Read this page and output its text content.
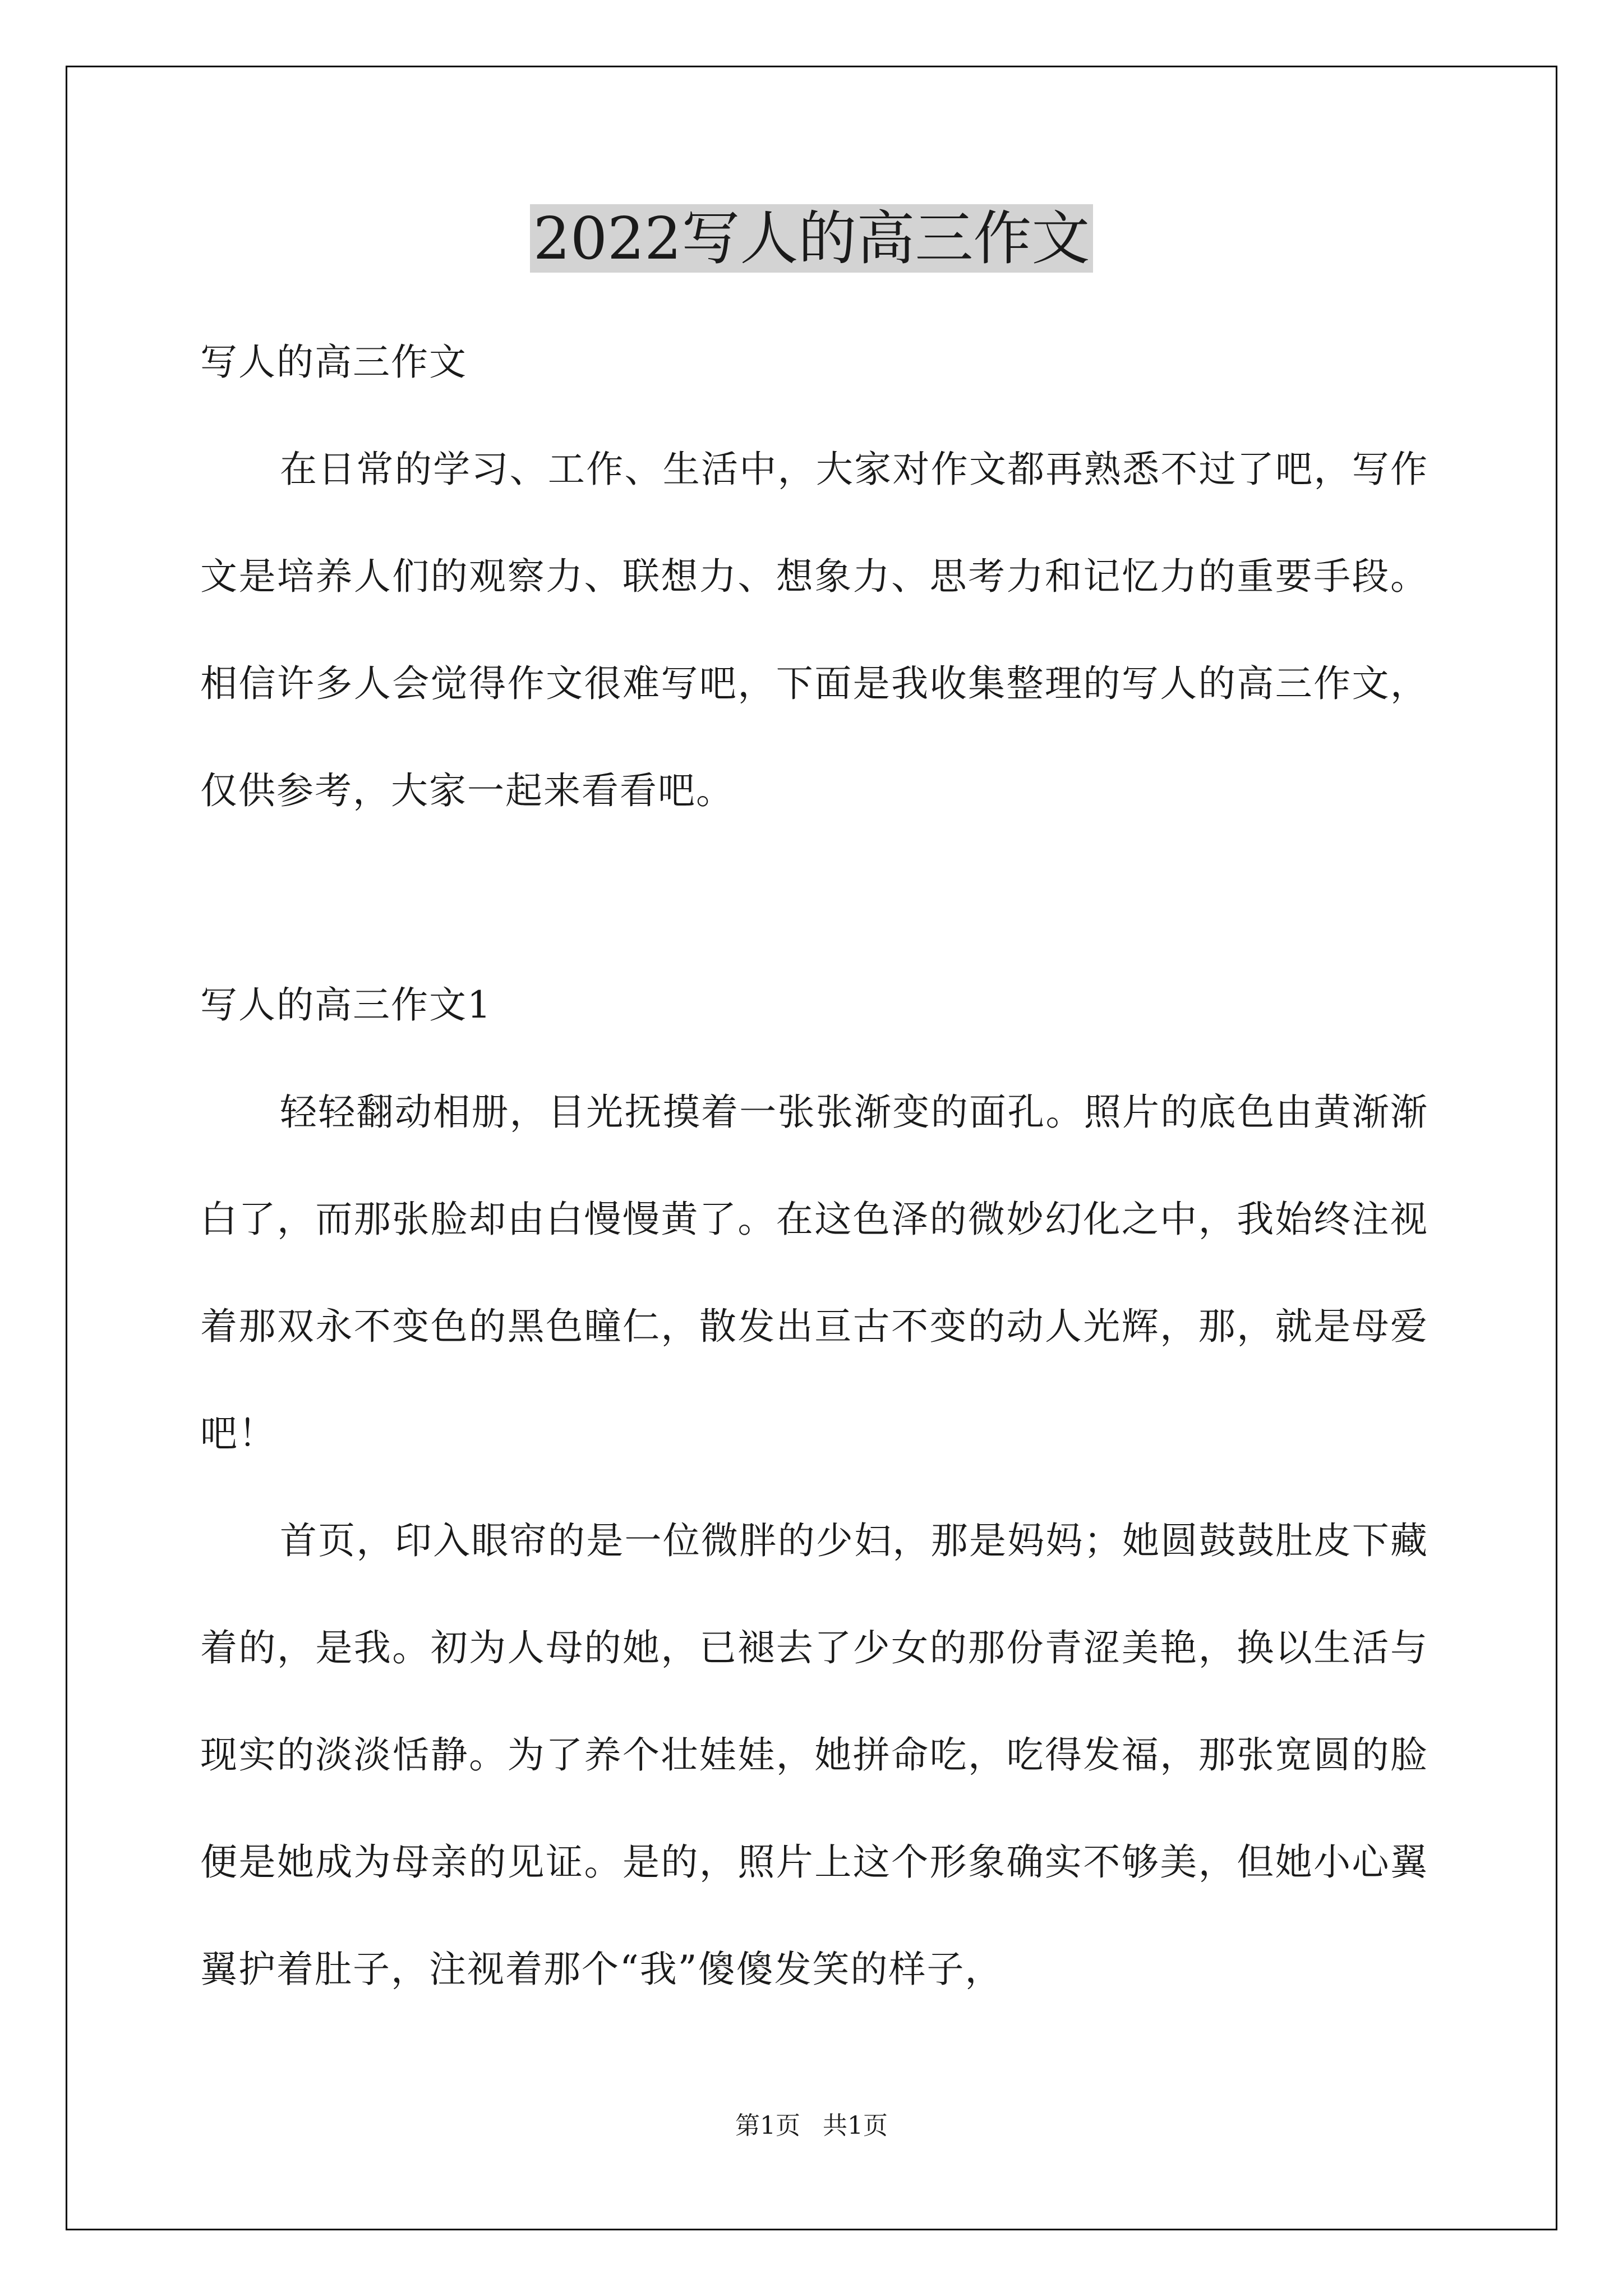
2022写人的高三作文

写人的高三作文

在日常的学习、工作、生活中，大家对作文都再熟悉不过了吧，写作文是培养人们的观察力、联想力、想象力、思考力和记忆力的重要手段。相信许多人会觉得作文很难写吧，下面是我收集整理的写人的高三作文，仅供参考，大家一起来看看吧。

写人的高三作文1

轻轻翻动相册，目光抚摸着一张张渐变的面孔。照片的底色由黄渐渐白了，而那张脸却由白慢慢黄了。在这色泽的微妙幻化之中，我始终注视着那双永不变色的黑色瞳仁，散发出亘古不变的动人光辉，那，就是母爱吧！

首页，印入眼帘的是一位微胖的少妇，那是妈妈；她圆鼓鼓肚皮下藏着的，是我。初为人母的她，已褪去了少女的那份青涩美艳，换以生活与现实的淡淡恬静。为了养个壮娃娃，她拼命吃，吃得发福，那张宽圆的脸便是她成为母亲的见证。是的，照片上这个形象确实不够美，但她小心翼翼护着肚子，注视着那个“我”傻傻发笑的样子，

第1页 共1页
